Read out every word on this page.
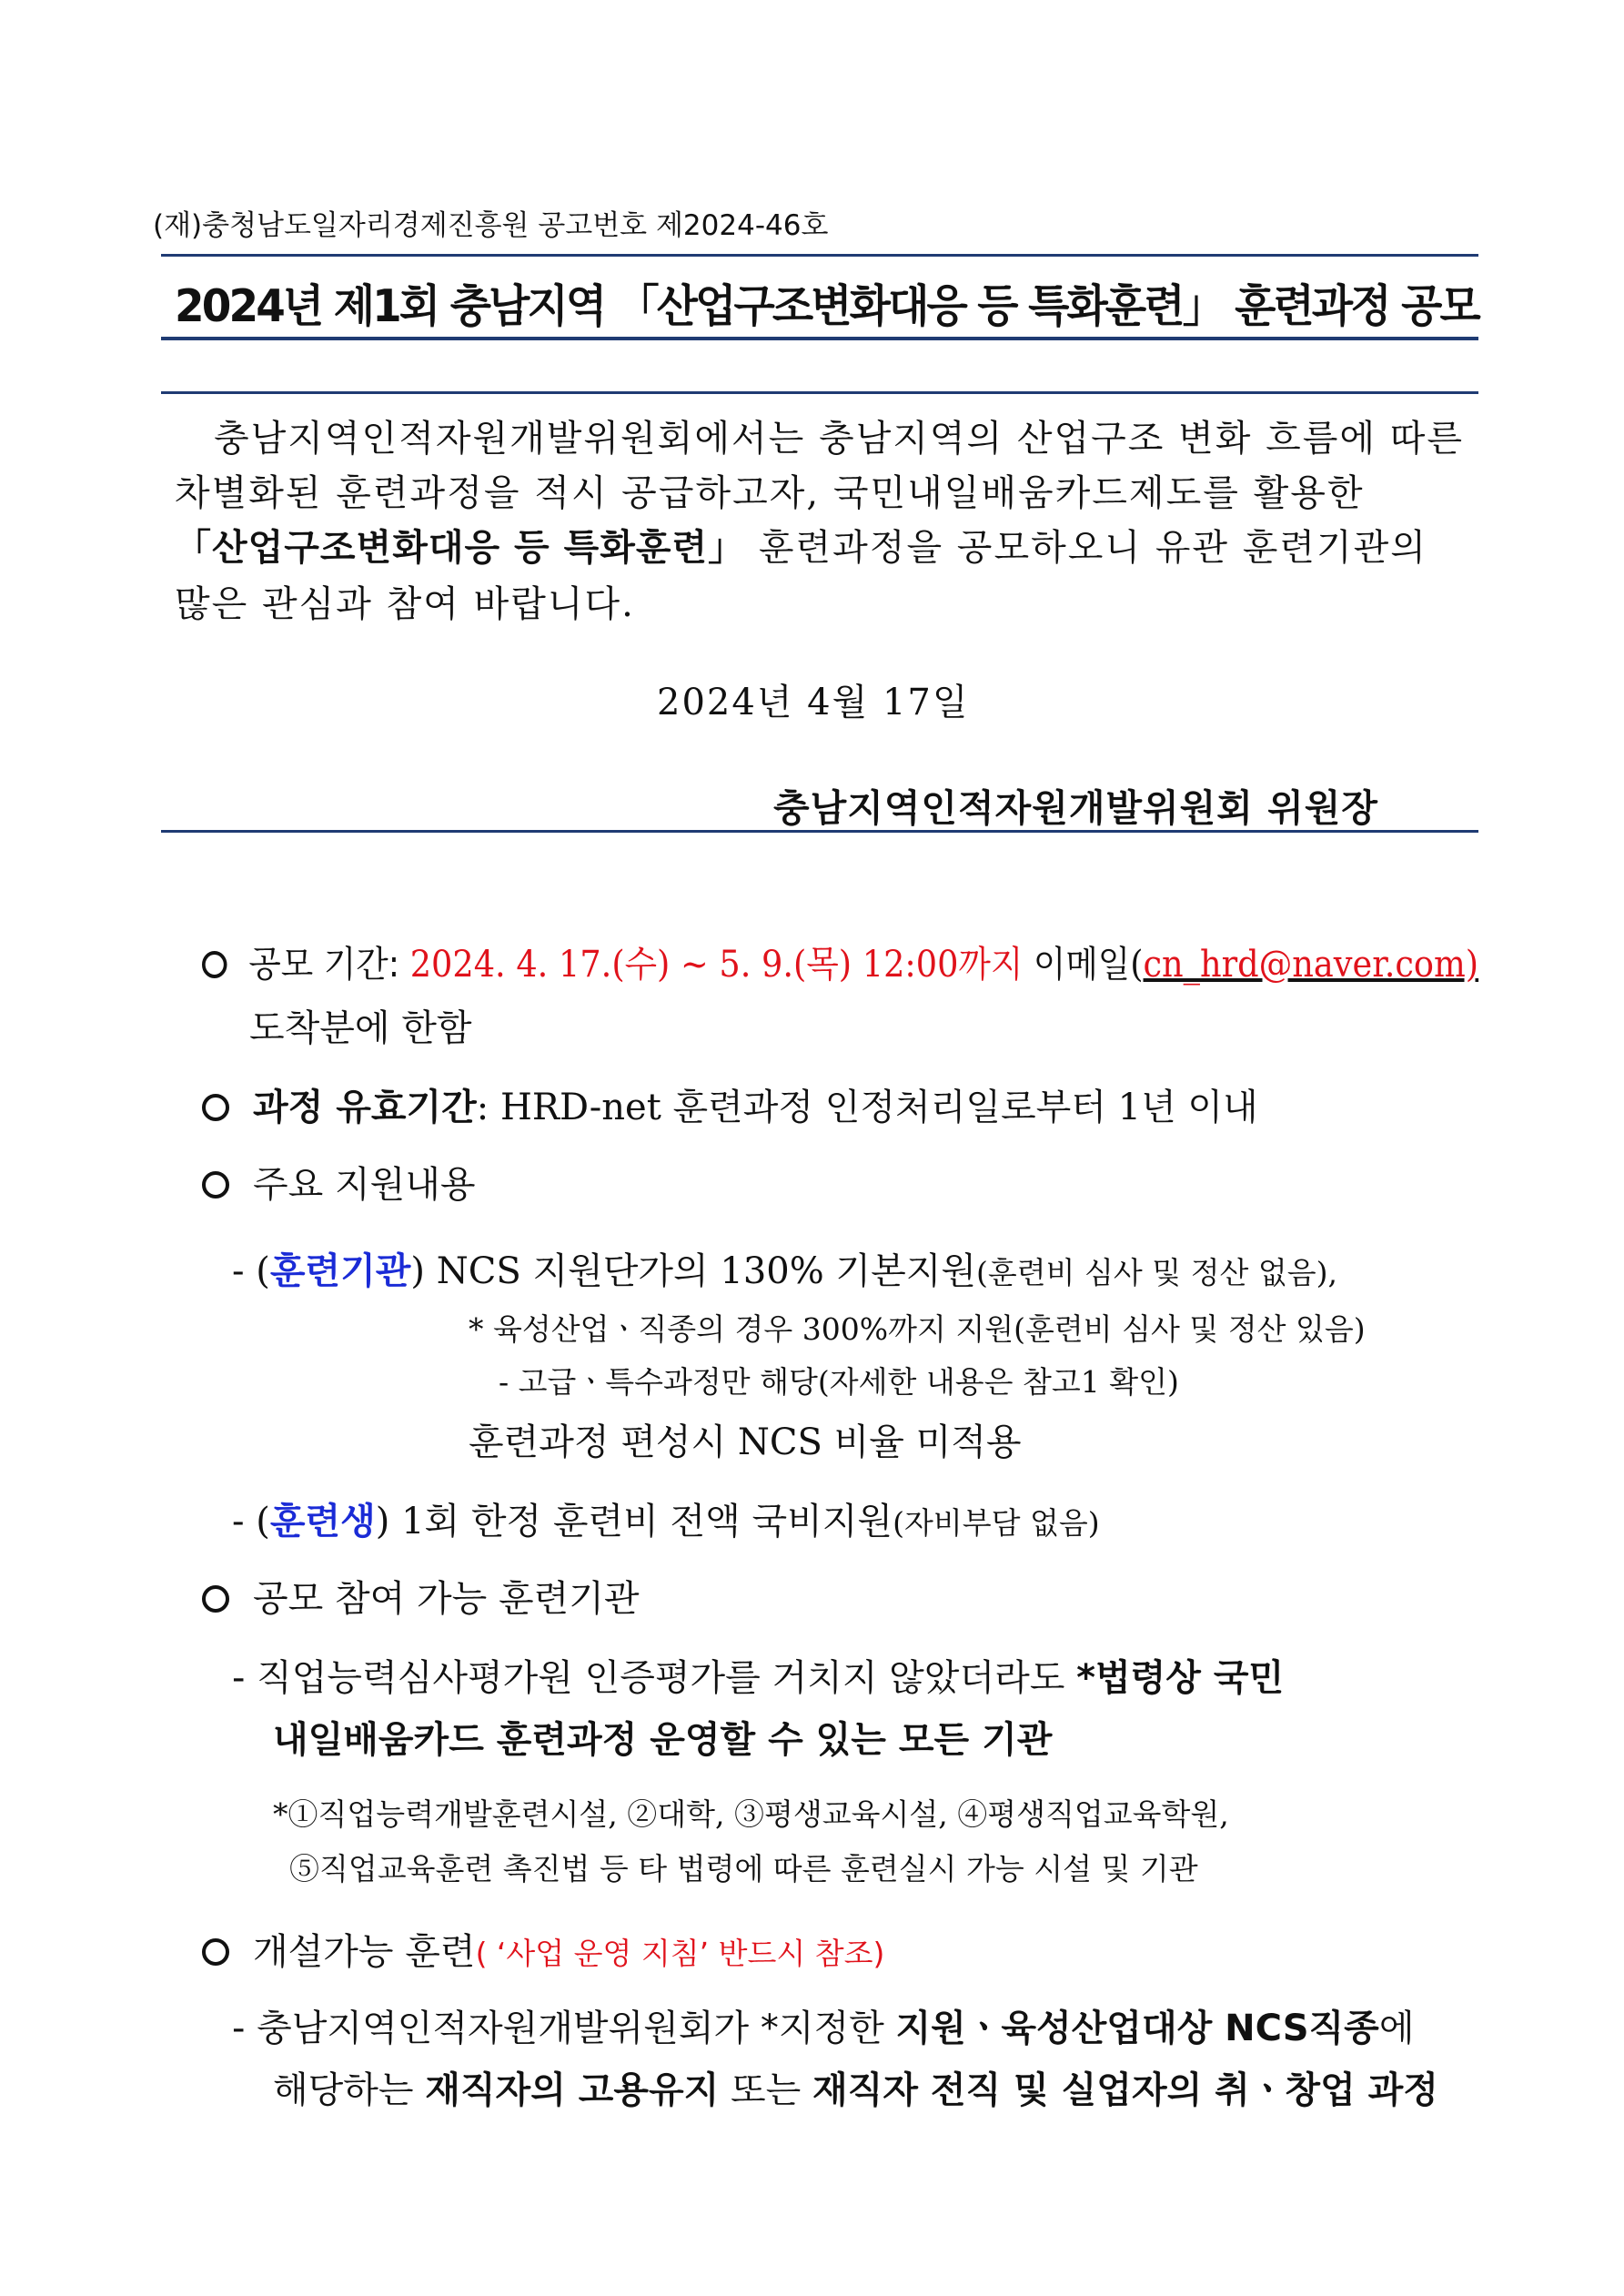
(재)충청남도일자리경제진흥원 공고번호 제2024-46호
2024년 제1회 충남지역 「산업구조변화대응 등 특화훈련」 훈련과정 공모
충남지역인적자원개발위원회에서는 충남지역의 산업구조 변화 흐름에 따른
차별화된 훈련과정을 적시 공급하고자, 국민내일배움카드제도를 활용한
「산업구조변화대응 등 특화훈련」 훈련과정을 공모하오니 유관 훈련기관의
많은 관심과 참여 바랍니다.
2024년 4월 17일
충남지역인적자원개발위원회 위원장
공모 기간: 2024. 4. 17.(수) ~ 5. 9.(목) 12:00까지 이메일(cn_hrd@naver.com)
도착분에 한함
과정 유효기간: HRD-net 훈련과정 인정처리일로부터 1년 이내
주요 지원내용
- (훈련기관) NCS 지원단가의 130% 기본지원(훈련비 심사 및 정산 없음),
* 육성산업ㆍ직종의 경우 300%까지 지원(훈련비 심사 및 정산 있음)
- 고급ㆍ특수과정만 해당(자세한 내용은 참고1 확인)
훈련과정 편성시 NCS 비율 미적용
- (훈련생) 1회 한정 훈련비 전액 국비지원(자비부담 없음)
공모 참여 가능 훈련기관
- 직업능력심사평가원 인증평가를 거치지 않았더라도 *법령상 국민
내일배움카드 훈련과정 운영할 수 있는 모든 기관
*①직업능력개발훈련시설, ②대학, ③평생교육시설, ④평생직업교육학원,
⑤직업교육훈련 촉진법 등 타 법령에 따른 훈련실시 가능 시설 및 기관
개설가능 훈련( ‘사업 운영 지침’ 반드시 참조)
- 충남지역인적자원개발위원회가 *지정한 지원ㆍ육성산업대상 NCS직종에
해당하는 재직자의 고용유지 또는 재직자 전직 및 실업자의 취ㆍ창업 과정
